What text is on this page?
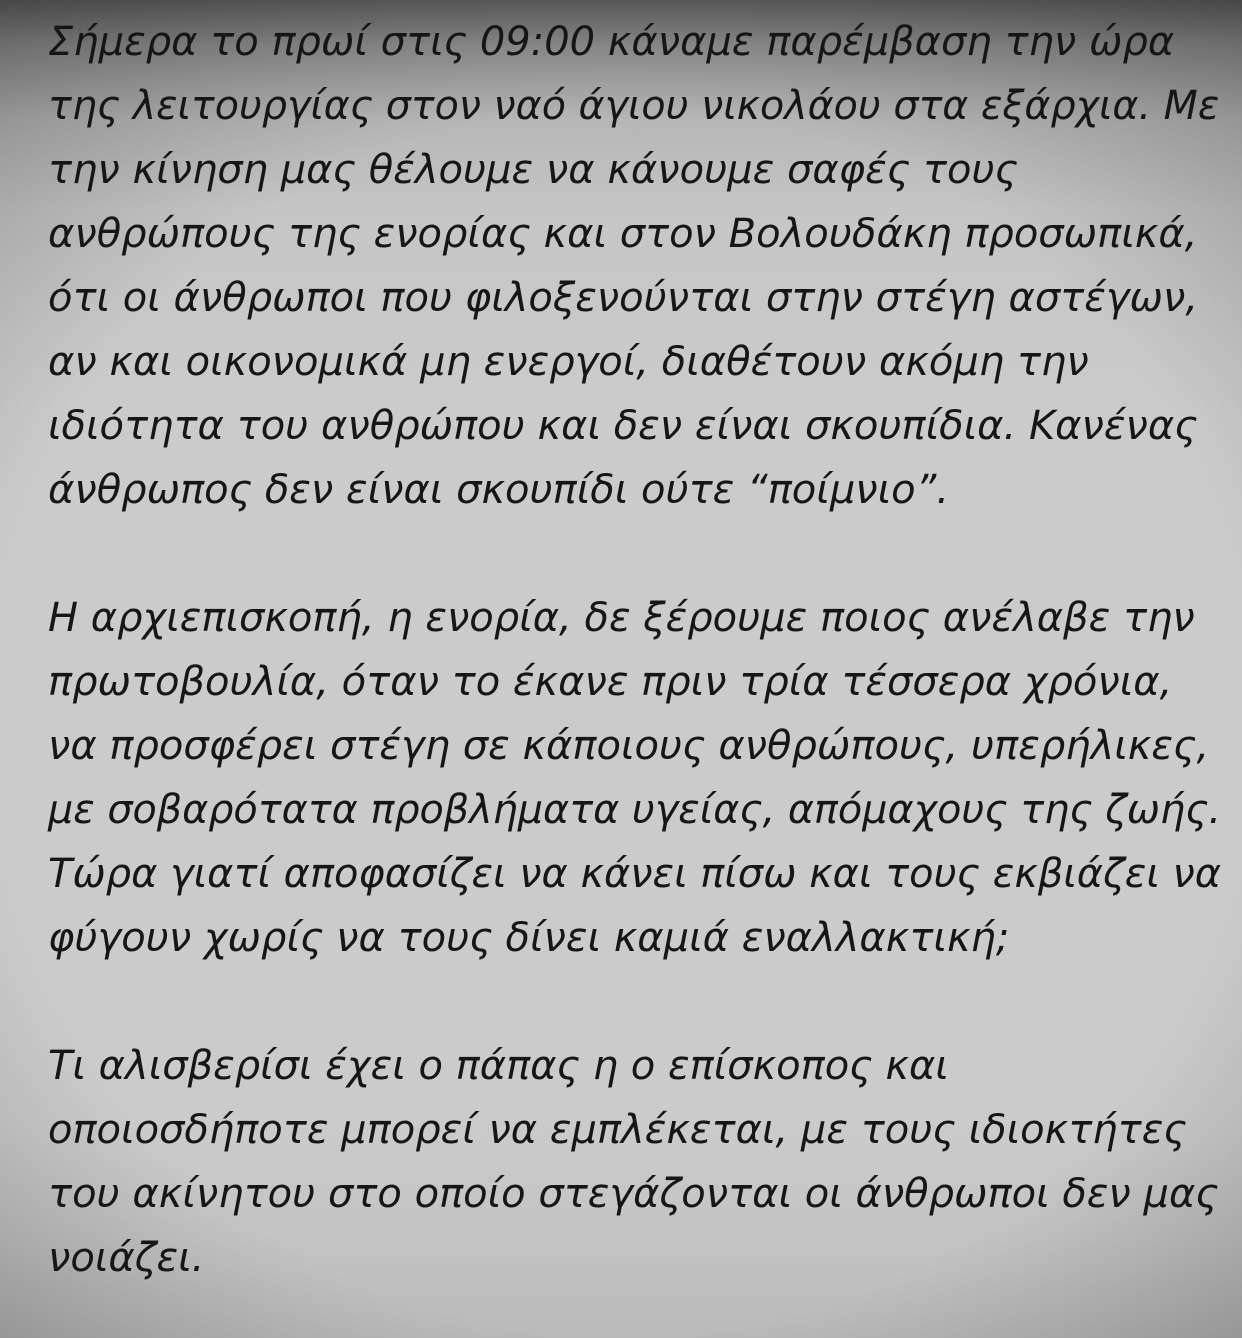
Σήμερα το πρωί στις 09:00 κάναμε παρέμβαση την ώρα
της λειτουργίας στον ναό άγιου νικολάου στα εξάρχια. Με
την κίνηση μας θέλουμε να κάνουμε σαφές τους
ανθρώπους της ενορίας και στον Βολουδάκη προσωπικά,
ότι οι άνθρωποι που φιλοξενούνται στην στέγη αστέγων,
αν και οικονομικά μη ενεργοί, διαθέτουν ακόμη την
ιδιότητα του ανθρώπου και δεν είναι σκουπίδια. Κανένας
άνθρωπος δεν είναι σκουπίδι ούτε “ποίμνιο”.

Η αρχιεπισκοπή, η ενορία, δε ξέρουμε ποιος ανέλαβε την
πρωτοβουλία, όταν το έκανε πριν τρία τέσσερα χρόνια,
να προσφέρει στέγη σε κάποιους ανθρώπους, υπερήλικες,
με σοβαρότατα προβλήματα υγείας, απόμαχους της ζωής.
Τώρα γιατί αποφασίζει να κάνει πίσω και τους εκβιάζει να
φύγουν χωρίς να τους δίνει καμιά εναλλακτική;

Τι αλισβερίσι έχει ο πάπας η ο επίσκοπος και
οποιοσδήποτε μπορεί να εμπλέκεται, με τους ιδιοκτήτες
του ακίνητου στο οποίο στεγάζονται οι άνθρωποι δεν μας
νοιάζει.
